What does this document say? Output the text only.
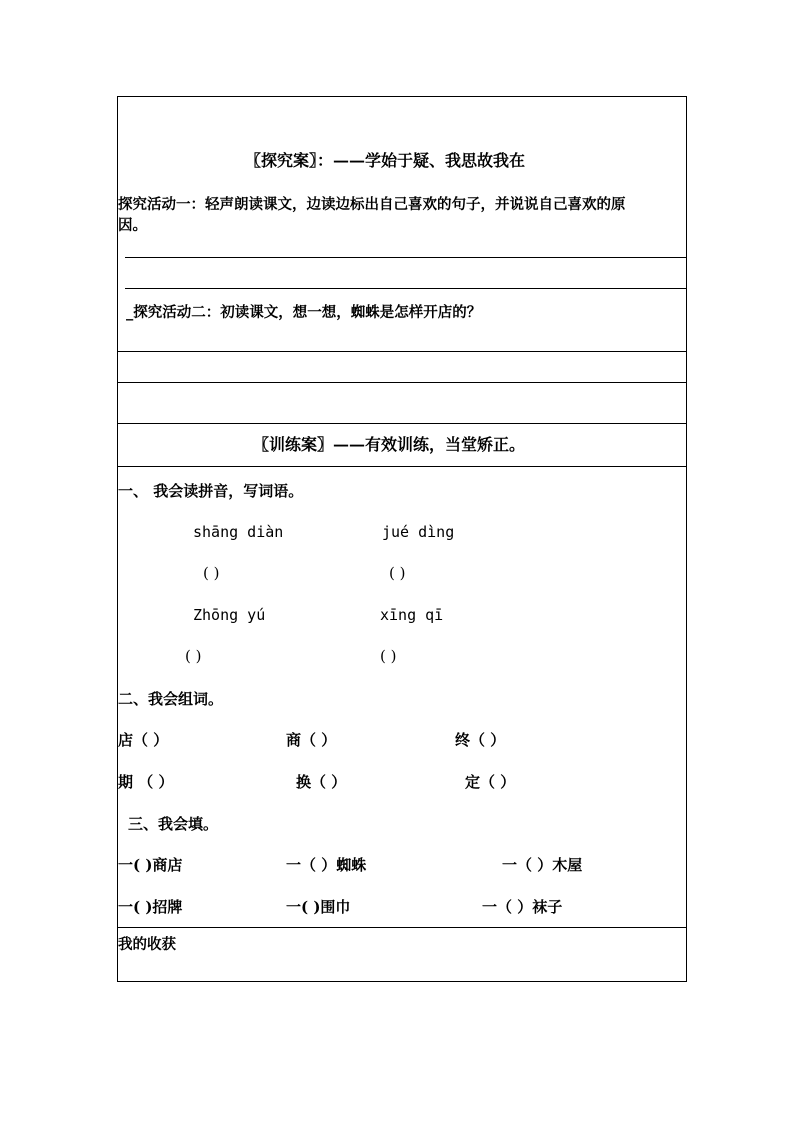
〖探究案〗：——学始于疑、我思故我在
探究活动一：轻声朗读课文，边读边标出自己喜欢的句子，并说说自己喜欢的原
因。
_探究活动二：初读课文，想一想，蜘蛛是怎样开店的？
〖训练案〗——有效训练，当堂矫正。
一、 我会读拼音，写词语。
shāng diàn	jué dìng
( )	( )
Zhōng yú	xīng qī
( )	( )
二、我会组词。
店（ ）	商（ ）	终（ ）
期 （ ）	换（ ）	定（ ）
三、我会填。
一( )商店	一（ ）蜘蛛	一（ ）木屋
一( )招牌	一( )围巾	一（ ）袜子
我的收获
